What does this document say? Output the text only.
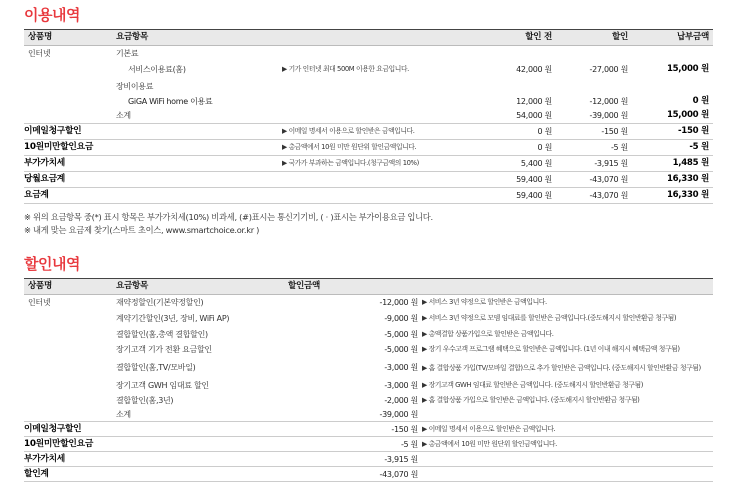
이용내역
상품명	요금항목		할인 전	할인	납부금액
인터넷	기본료				
	서비스이용료(홈)	▶ 기가 인터넷 최대 500M 이용한 요금입니다.	42,000 원	-27,000 원	15,000 원
	장비이용료				
	GiGA WiFi home 이용료		12,000 원	-12,000 원	0 원
	소계		54,000 원	-39,000 원	15,000 원
이메일청구할인		▶ 이메일 명세서 이용으로 할인받은 금액입니다.	0 원	-150 원	-150 원
10원미만할인요금		▶ 총금액에서 10원 미만 원단위 할인금액입니다.	0 원	-5 원	-5 원
부가가치세		▶ 국가가 부과하는 금액입니다.(청구금액의 10%)	5,400 원	-3,915 원	1,485 원
당월요금계			59,400 원	-43,070 원	16,330 원
요금계			59,400 원	-43,070 원	16,330 원
※ 위의 요금항목 중(*) 표시 항목은 부가가치세(10%) 비과세, (#)표시는 통신기기비, ( · )표시는 부가이용요금 입니다.
※ 내게 맞는 요금제 찾기(스마트 초이스, www.smartchoice.or.kr )
할인내역
상품명	요금항목	할인금액	
인터넷	재약정할인(기본약정할인)	-12,000 원	▶ 서비스 3년 약정으로 할인받은 금액입니다.
	계약기간할인(3년, 장비, WiFi AP)	-9,000 원	▶ 서비스 3년 약정으로 모뎀 임대료를 할인받은 금액입니다.(중도해지시 할인반환금 청구됨)
	결합할인(홈,총액 결합할인)	-5,000 원	▶ 총액결합 상품가입으로 할인받은 금액입니다.
	장기고객 기가 전환 요금할인	-5,000 원	▶ 장기 우수고객 프로그램 혜택으로 할인받은 금액입니다. (1년 이내 해지시 혜택금액 청구됨)
	결합할인(홈,TV/모바일)	-3,000 원	▶ 홈 결합상품 가입(TV/모바일 결합)으로 추가 할인받은 금액입니다. (중도해지시 할인반환금 청구됨)
	장기고객 GWH 임대료 할인	-3,000 원	▶ 장기고객 GWH 임대료 할인받은 금액입니다. (중도해지시 할인반환금 청구됨)
	결합할인(홈,3년)	-2,000 원	▶ 홈 결합상품 가입으로 할인받은 금액입니다. (중도해지시 할인반환금 청구됨)
	소계	-39,000 원	
이메일청구할인		-150 원	▶ 이메일 명세서 이용으로 할인받은 금액입니다.
10원미만할인요금		-5 원	▶ 총금액에서 10원 미만 원단위 할인금액입니다.
부가가치세		-3,915 원	
할인계		-43,070 원	
